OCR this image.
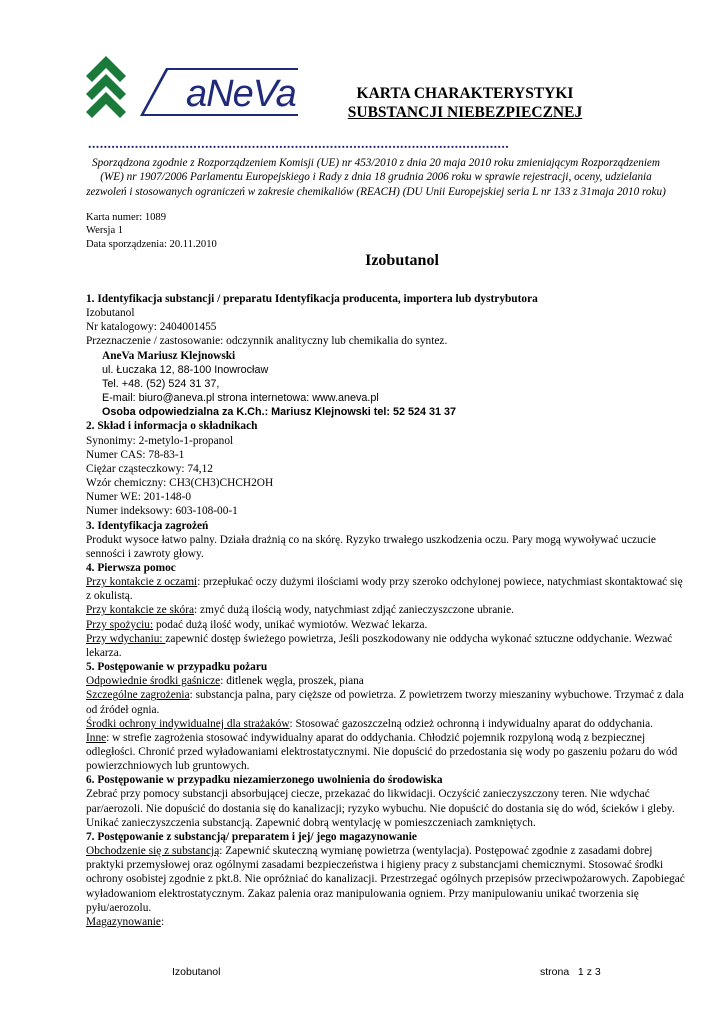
aNeVa	KARTA CHARAKTERYSTYKI
SUBSTANCJI NIEBEZPIECZNEJ
............................................................................................................
Sporządzona zgodnie z Rozporządzeniem Komisji (UE) nr 453/2010 z dnia 20 maja 2010 roku zmieniającym Rozporządzeniem (WE) nr 1907/2006 Parlamentu Europejskiego i Rady z dnia 18 grudnia 2006 roku w sprawie rejestracji, oceny, udzielania zezwoleń i stosowanych ograniczeń w zakresie chemikaliów (REACH) (DU Unii Europejskiej seria L nr 133 z 31maja 2010 roku)
Karta numer: 1089
Wersja 1
Data sporządzenia: 20.11.2010
Izobutanol

1. Identyfikacja substancji / preparatu Identyfikacja producenta, importera lub dystrybutora

Izobutanol

Nr katalogowy: 2404001455

Przeznaczenie / zastosowanie: odczynnik analityczny lub chemikalia do syntez.

AneVa Mariusz Klejnowski

ul. Łuczaka 12, 88-100 Inowrocław

Tel. +48. (52) 524 31 37,

E-mail: biuro@aneva.pl strona internetowa: www.aneva.pl

Osoba odpowiedzialna za K.Ch.: Mariusz Klejnowski tel: 52 524 31 37

2. Skład i informacja o składnikach

Synonimy: 2-metylo-1-propanol

Numer CAS: 78-83-1

Ciężar cząsteczkowy: 74,12

Wzór chemiczny: CH3(CH3)CHCH2OH

Numer WE: 201-148-0

Numer indeksowy: 603-108-00-1

3. Identyfikacja zagrożeń

Produkt wysoce łatwo palny. Działa drażnią co na skórę. Ryzyko trwałego uszkodzenia oczu. Pary mogą wywoływać uczucie senności i zawroty głowy.

4. Pierwsza pomoc

Przy kontakcie z oczami: przepłukać oczy dużymi ilościami wody przy szeroko odchylonej powiece, natychmiast skontaktować się z okulistą.

Przy kontakcie ze skóra: zmyć dużą ilością wody, natychmiast zdjąć zanieczyszczone ubranie.

Przy spożyciu: podać dużą ilość wody, unikać wymiotów. Wezwać lekarza.

Przy wdychaniu: zapewnić dostęp świeżego powietrza, Jeśli poszkodowany nie oddycha wykonać sztuczne oddychanie. Wezwać lekarza.

5. Postępowanie w przypadku pożaru

Odpowiednie środki gaśnicze: ditlenek węgla, proszek, piana

Szczególne zagrożenia: substancja palna, pary cięższe od powietrza. Z powietrzem tworzy mieszaniny wybuchowe. Trzymać z dala od źródeł ognia.

Środki ochrony indywidualnej dla strażaków: Stosować gazoszczelną odzież ochronną i indywidualny aparat do oddychania.

Inne: w strefie zagrożenia stosować indywidualny aparat do oddychania. Chłodzić pojemnik rozpyloną wodą z bezpiecznej odległości. Chronić przed wyładowaniami elektrostatycznymi. Nie dopuścić do przedostania się wody po gaszeniu pożaru do wód powierzchniowych lub gruntowych.

6. Postępowanie w przypadku niezamierzonego uwolnienia do środowiska

Zebrać przy pomocy substancji absorbującej ciecze, przekazać do likwidacji. Oczyścić zanieczyszczony teren. Nie wdychać par/aerozoli. Nie dopuścić do dostania się do kanalizacji; ryzyko wybuchu. Nie dopuścić do dostania się do wód, ścieków i gleby. Unikać zanieczyszczenia substancją. Zapewnić dobrą wentylację w pomieszczeniach zamkniętych.

7. Postępowanie z substancją/ preparatem i jej/ jego magazynowanie

Obchodzenie się z substancją: Zapewnić skuteczną wymianę powietrza (wentylacja). Postępować zgodnie z zasadami dobrej praktyki przemysłowej oraz ogólnymi zasadami bezpieczeństwa i higieny pracy z substancjami chemicznymi. Stosować środki ochrony osobistej zgodnie z pkt.8. Nie opróżniać do kanalizacji. Przestrzegać ogólnych przepisów przeciwpożarowych. Zapobiegać wyładowaniom elektrostatycznym. Zakaz palenia oraz manipulowania ogniem. Przy manipulowaniu unikać tworzenia się pyłu/aerozolu.

Magazynowanie:

Izobutanol	strona   1 z 3
